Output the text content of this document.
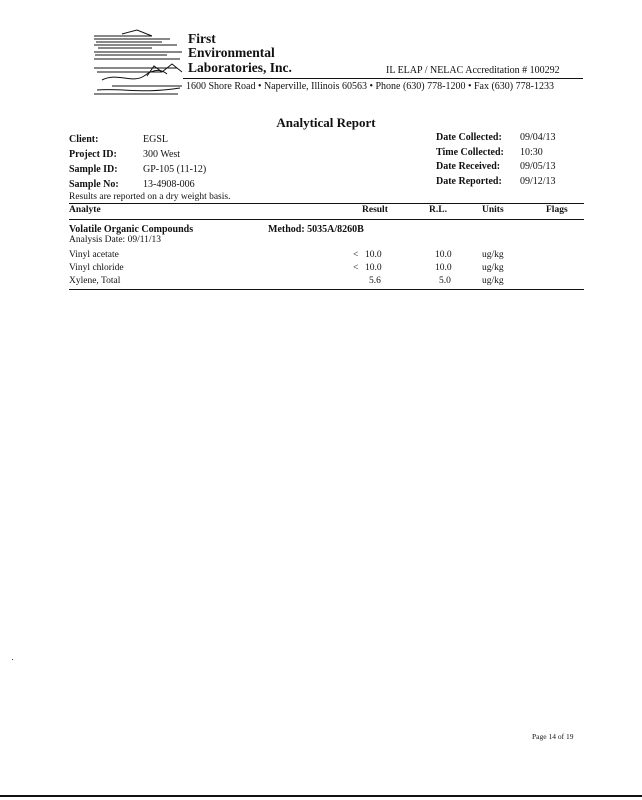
First
Environmental
Laboratories, Inc.	IL ELAP / NELAC Accreditation # 100292
1600 Shore Road • Naperville, Illinois 60563 • Phone (630) 778-1200 • Fax (630) 778-1233
Analytical Report
Client:	EGSL
Project ID:	300 West
Sample ID:	GP-105 (11-12)
Sample No: 13-4908-006
Date Collected: 09/04/13
Time Collected: 10:30
Date Received: 09/05/13
Date Reported: 09/12/13
Results are reported on a dry weight basis.
Analyte	Result	R.L.	Units	Flags
Volatile Organic Compounds	Method: 5035A/8260B
Analysis Date: 09/11/13
Vinyl acetate	< 10.0	10.0	ug/kg
Vinyl chloride	< 10.0	10.0	ug/kg
Xylene, Total	5.6	5.0	ug/kg
Page 14 of 19
